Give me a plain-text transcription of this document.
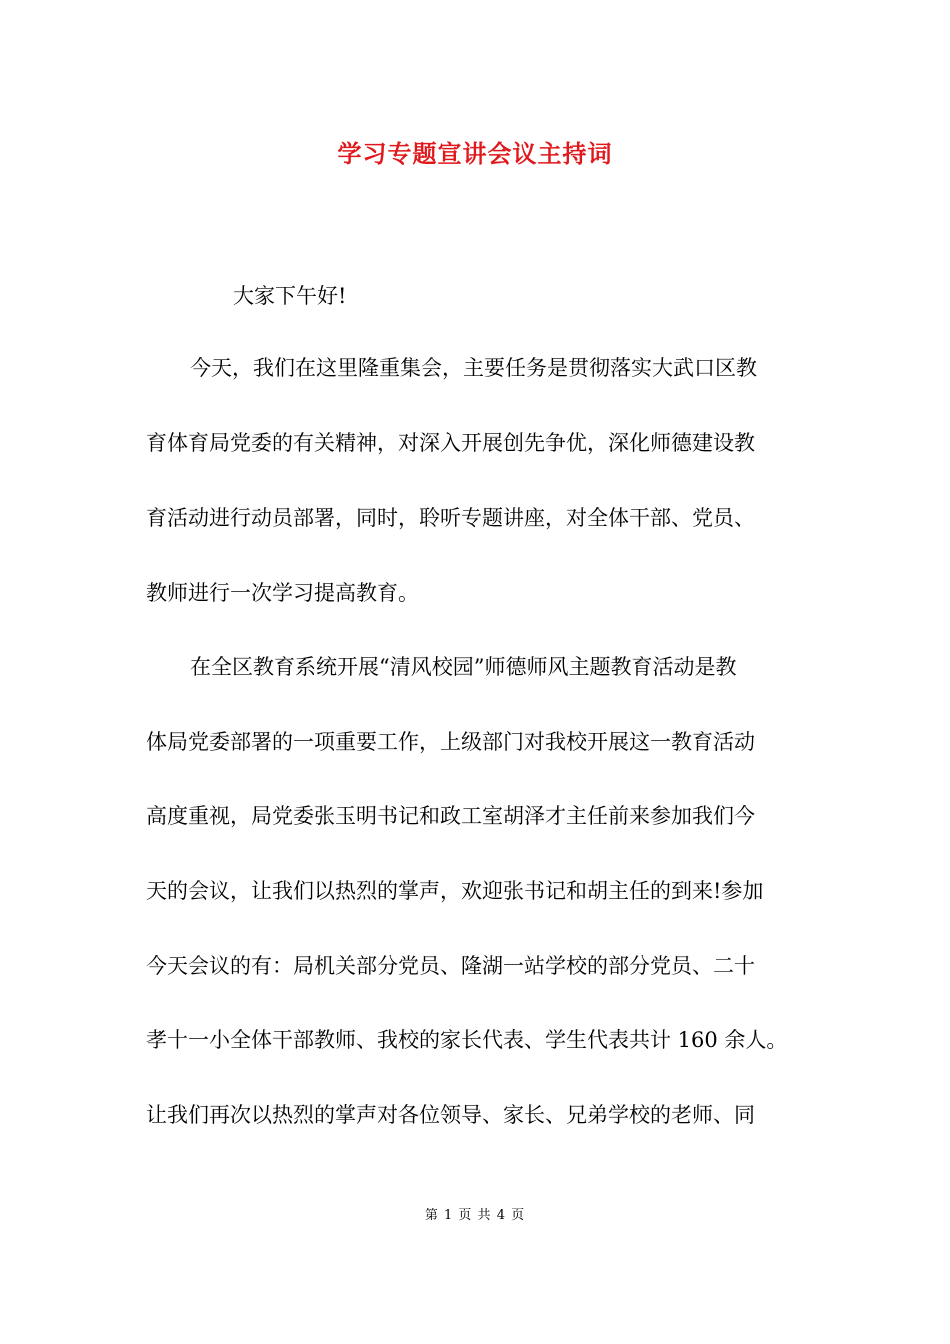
学习专题宣讲会议主持词
大家下午好!
今天，我们在这里隆重集会，主要任务是贯彻落实大武口区教
育体育局党委的有关精神，对深入开展创先争优，深化师德建设教
育活动进行动员部署，同时，聆听专题讲座，对全体干部、党员、
教师进行一次学习提高教育。
在全区教育系统开展“清风校园”师德师风主题教育活动是教
体局党委部署的一项重要工作，上级部门对我校开展这一教育活动
高度重视，局党委张玉明书记和政工室胡泽才主任前来参加我们今
天的会议，让我们以热烈的掌声，欢迎张书记和胡主任的到来!参加
今天会议的有：局机关部分党员、隆湖一站学校的部分党员、二十
孝十一小全体干部教师、我校的家长代表、学生代表共计 160 余人。
让我们再次以热烈的掌声对各位领导、家长、兄弟学校的老师、同
第 1 页 共 4 页
